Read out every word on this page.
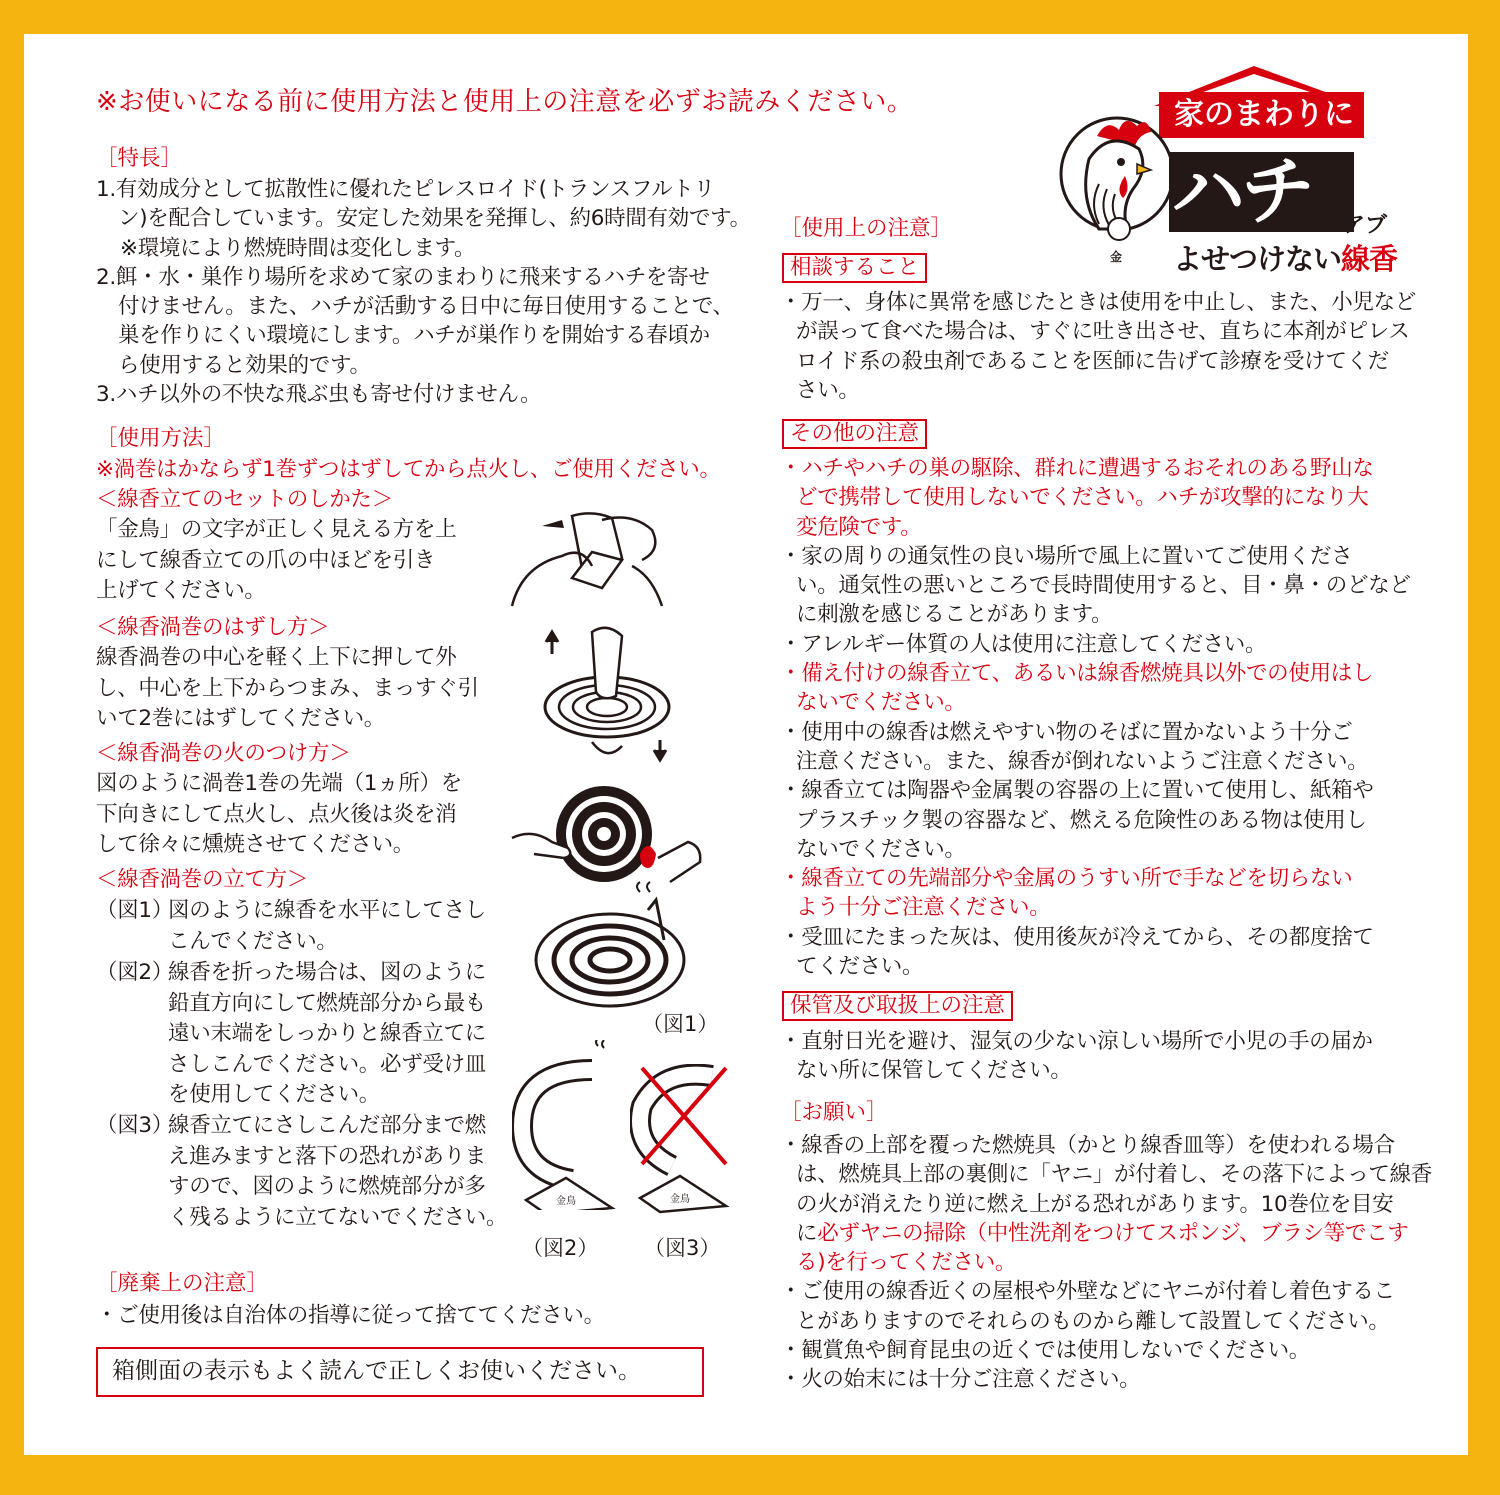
※お使いになる前に使用方法と使用上の注意を必ずお読みください。	家のまわりに
金
ハチ ・アブ
よせつけない線香
［特長］
1.有効成分として拡散性に優れたピレスロイド(トランスフルトリ
ン)を配合しています。安定した効果を発揮し、約6時間有効です。
※環境により燃焼時間は変化します。
2.餌・水・巣作り場所を求めて家のまわりに飛来するハチを寄せ
付けません。また、ハチが活動する日中に毎日使用することで、
巣を作りにくい環境にします。ハチが巣作りを開始する春頃か
ら使用すると効果的です。
3.ハチ以外の不快な飛ぶ虫も寄せ付けません。
［使用方法］
※渦巻はかならず1巻ずつはずしてから点火し、ご使用ください。
＜線香立てのセットのしかた＞
「金鳥」の文字が正しく見える方を上
にして線香立ての爪の中ほどを引き
上げてください。
＜線香渦巻のはずし方＞
線香渦巻の中心を軽く上下に押して外
し、中心を上下からつまみ、まっすぐ引
いて2巻にはずしてください。
＜線香渦巻の火のつけ方＞
図のように渦巻1巻の先端（1ヵ所）を
下向きにして点火し、点火後は炎を消
して徐々に燻焼させてください。
＜線香渦巻の立て方＞
（図1）
図のように線香を水平にしてさし
こんでください。
（図2）
線香を折った場合は、図のように
鉛直方向にして燃焼部分から最も
遠い末端をしっかりと線香立てに
さしこんでください。必ず受け皿
を使用してください。
（図3）
線香立てにさしこんだ部分まで燃
え進みますと落下の恐れがありま
すので、図のように燃焼部分が多
く残るように立てないでください。
（図1）
金鳥	金鳥
（図2） （図3）
［廃棄上の注意］
・ご使用後は自治体の指導に従って捨ててください。
箱側面の表示もよく読んで正しくお使いください。
［使用上の注意］
相談すること
・万一、身体に異常を感じたときは使用を中止し、また、小児など
が誤って食べた場合は、すぐに吐き出させ、直ちに本剤がピレス
ロイド系の殺虫剤であることを医師に告げて診療を受けてくだ
さい。
その他の注意
・ハチやハチの巣の駆除、群れに遭遇するおそれのある野山な
どで携帯して使用しないでください。ハチが攻撃的になり大
変危険です。
・家の周りの通気性の良い場所で風上に置いてご使用くださ
い。通気性の悪いところで長時間使用すると、目・鼻・のどなど
に刺激を感じることがあります。
・アレルギー体質の人は使用に注意してください。
・備え付けの線香立て、あるいは線香燃焼具以外での使用はし
ないでください。
・使用中の線香は燃えやすい物のそばに置かないよう十分ご
注意ください。また、線香が倒れないようご注意ください。
・線香立ては陶器や金属製の容器の上に置いて使用し、紙箱や
プラスチック製の容器など、燃える危険性のある物は使用し
ないでください。
・線香立ての先端部分や金属のうすい所で手などを切らない
よう十分ご注意ください。
・受皿にたまった灰は、使用後灰が冷えてから、その都度捨て
てください。
保管及び取扱上の注意
・直射日光を避け、湿気の少ない涼しい場所で小児の手の届か
ない所に保管してください。
［お願い］
・線香の上部を覆った燃焼具（かとり線香皿等）を使われる場合
は、燃焼具上部の裏側に「ヤニ」が付着し、その落下によって線香
の火が消えたり逆に燃え上がる恐れがあります。10巻位を目安
に必ずヤニの掃除（中性洗剤をつけてスポンジ、ブラシ等でこす
る)を行ってください。
・ご使用の線香近くの屋根や外壁などにヤニが付着し着色するこ
とがありますのでそれらのものから離して設置してください。
・観賞魚や飼育昆虫の近くでは使用しないでください。
・火の始末には十分ご注意ください。
